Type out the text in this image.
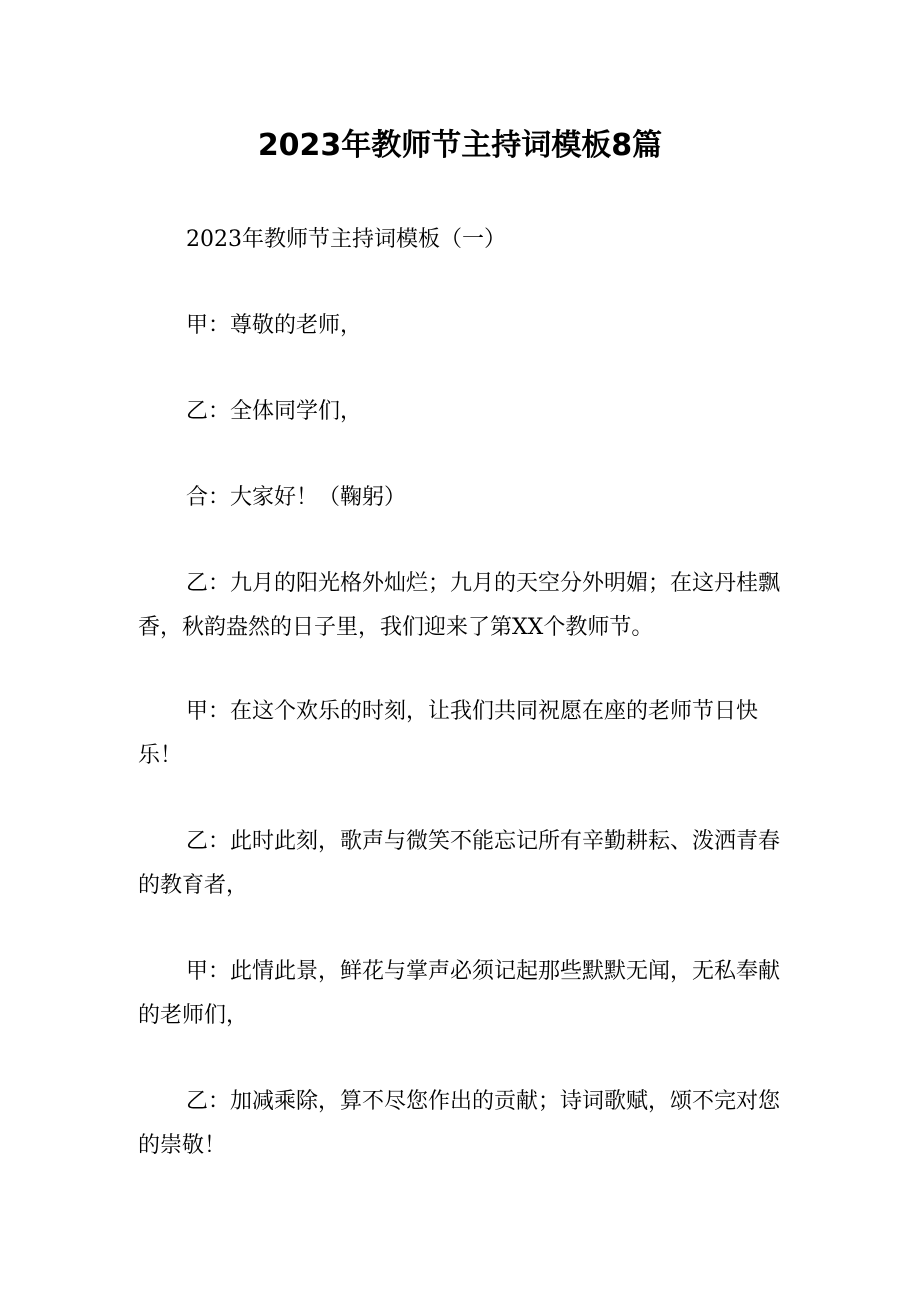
2023年教师节主持词模板8篇

2023年教师节主持词模板（一）

甲：尊敬的老师，

乙：全体同学们，

合：大家好！（鞠躬）

乙：九月的阳光格外灿烂；九月的天空分外明媚；在这丹桂飘香，秋韵盎然的日子里，我们迎来了第XX个教师节。

甲：在这个欢乐的时刻，让我们共同祝愿在座的老师节日快乐！

乙：此时此刻，歌声与微笑不能忘记所有辛勤耕耘、泼洒青春的教育者，

甲：此情此景，鲜花与掌声必须记起那些默默无闻，无私奉献的老师们，

乙：加减乘除，算不尽您作出的贡献；诗词歌赋，颂不完对您的崇敬！
